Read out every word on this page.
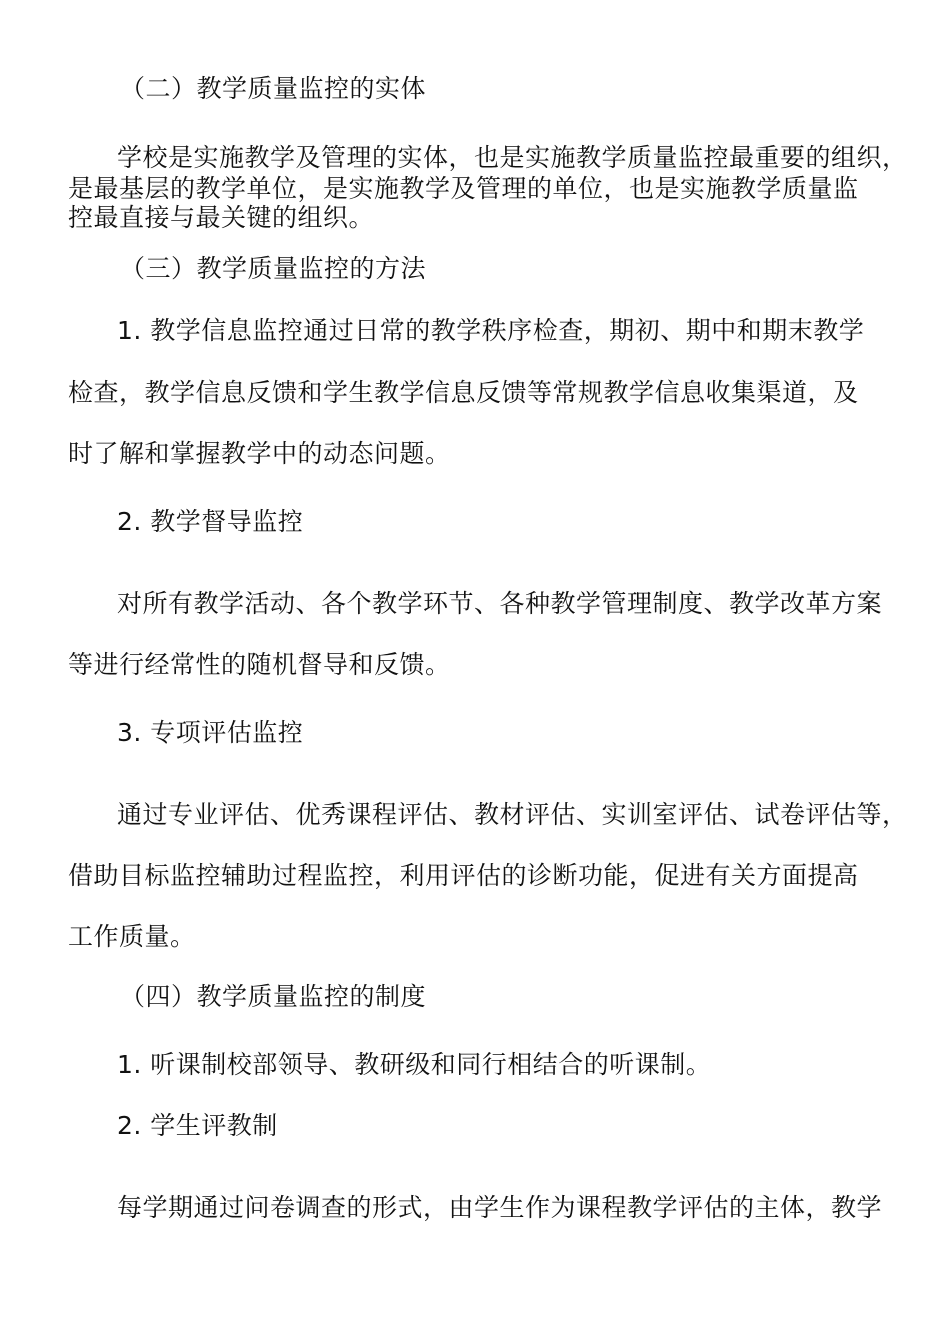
（二）教学质量监控的实体
学校是实施教学及管理的实体，也是实施教学质量监控最重要的组织，
是最基层的教学单位，是实施教学及管理的单位，也是实施教学质量监
控最直接与最关键的组织。
（三）教学质量监控的方法
1. 教学信息监控通过日常的教学秩序检查，期初、期中和期末教学
检查，教学信息反馈和学生教学信息反馈等常规教学信息收集渠道，及
时了解和掌握教学中的动态问题。
2. 教学督导监控
对所有教学活动、各个教学环节、各种教学管理制度、教学改革方案
等进行经常性的随机督导和反馈。
3. 专项评估监控
通过专业评估、优秀课程评估、教材评估、实训室评估、试卷评估等，
借助目标监控辅助过程监控，利用评估的诊断功能，促进有关方面提高
工作质量。
（四）教学质量监控的制度
1. 听课制校部领导、教研级和同行相结合的听课制。
2. 学生评教制
每学期通过问卷调查的形式，由学生作为课程教学评估的主体，教学
